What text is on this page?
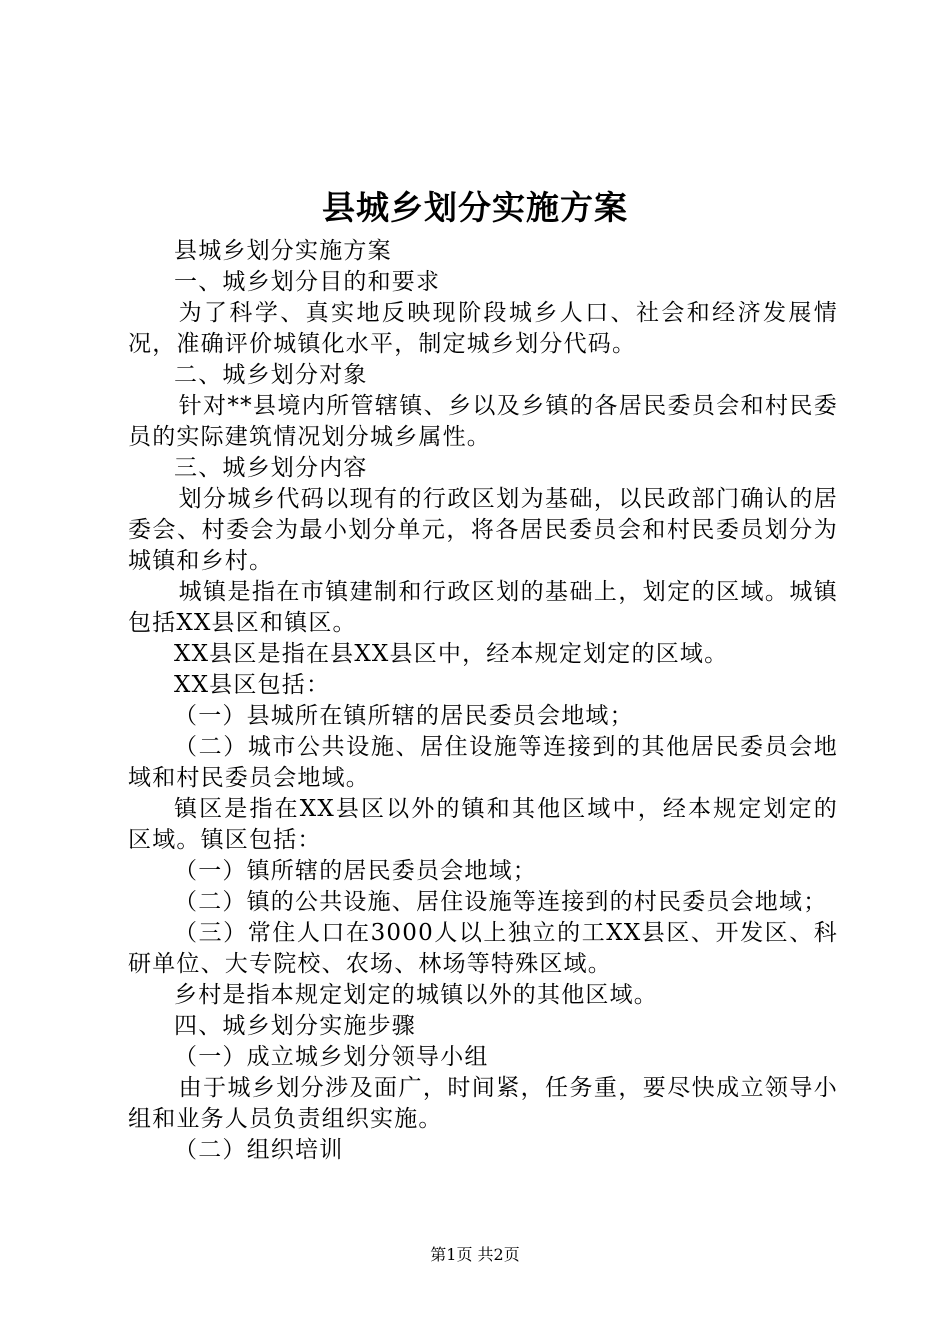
县城乡划分实施方案

县城乡划分实施方案

一、城乡划分目的和要求

为了科学、真实地反映现阶段城乡人口、社会和经济发展情况，准确评价城镇化水平，制定城乡划分代码。

二、城乡划分对象

针对**县境内所管辖镇、乡以及乡镇的各居民委员会和村民委员的实际建筑情况划分城乡属性。

三、城乡划分内容

划分城乡代码以现有的行政区划为基础，以民政部门确认的居委会、村委会为最小划分单元，将各居民委员会和村民委员划分为城镇和乡村。

城镇是指在市镇建制和行政区划的基础上，划定的区域。城镇包括XX县区和镇区。

XX县区是指在县XX县区中，经本规定划定的区域。

XX县区包括：

（一）县城所在镇所辖的居民委员会地域；

（二）城市公共设施、居住设施等连接到的其他居民委员会地域和村民委员会地域。

镇区是指在XX县区以外的镇和其他区域中，经本规定划定的区域。镇区包括：

（一）镇所辖的居民委员会地域；

（二）镇的公共设施、居住设施等连接到的村民委员会地域；

（三）常住人口在3000人以上独立的工XX县区、开发区、科研单位、大专院校、农场、林场等特殊区域。

乡村是指本规定划定的城镇以外的其他区域。

四、城乡划分实施步骤

（一）成立城乡划分领导小组

由于城乡划分涉及面广，时间紧，任务重，要尽快成立领导小组和业务人员负责组织实施。

（二）组织培训

第1页 共2页
